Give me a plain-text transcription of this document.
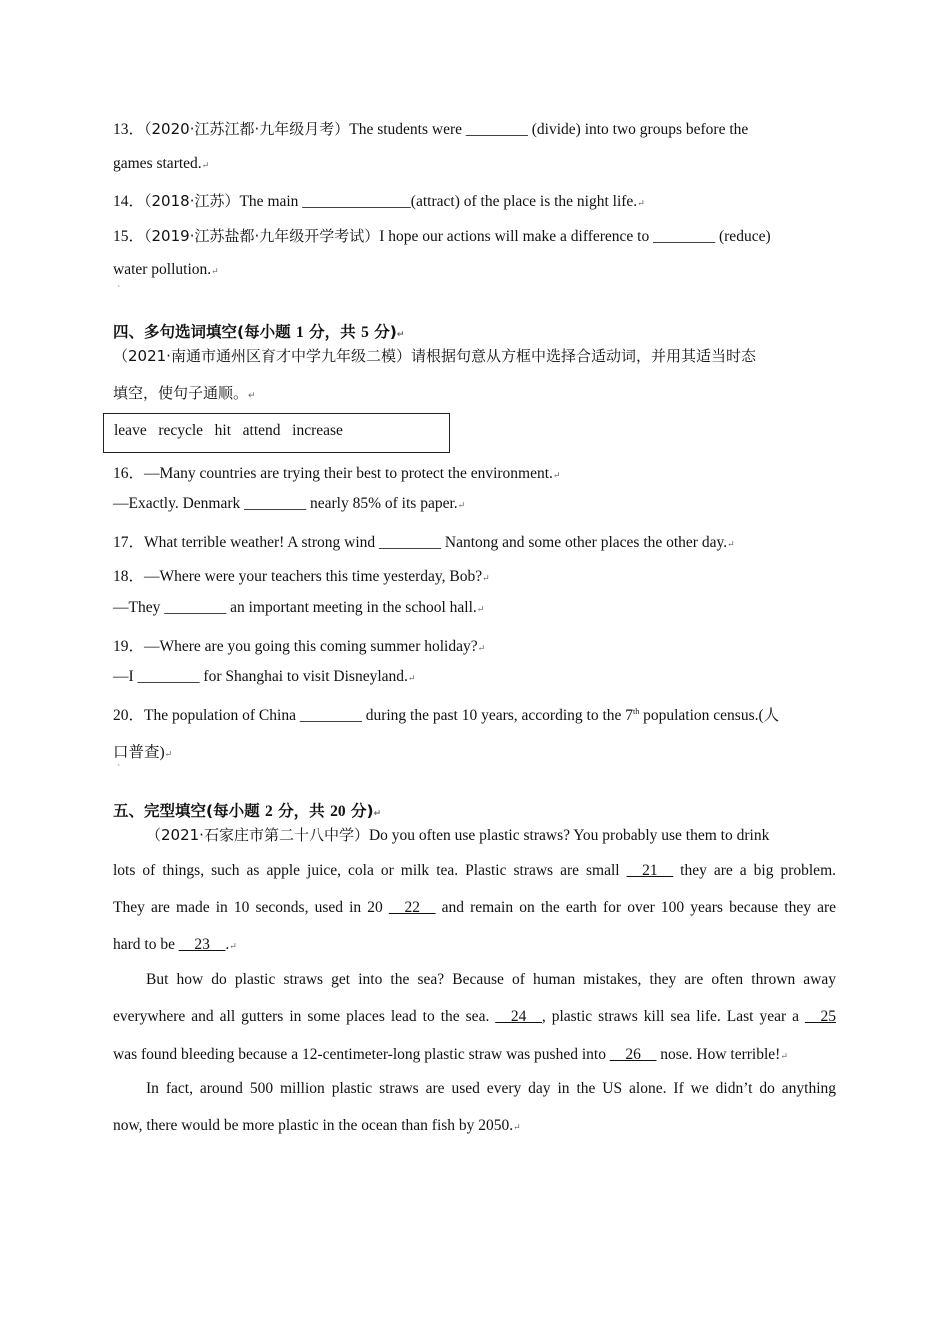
13．（2020·江苏江都·九年级月考）The students were ________ (divide) into two groups before the
games started.↵
14．（2018·江苏）The main ______________(attract) of the place is the night life.↵
15．（2019·江苏盐都·九年级开学考试）I hope our actions will make a difference to ________ (reduce)
water pollution.↵
ˋ
四、多句选词填空(每小题 1 分，共 5 分)↵
（2021·南通市通州区育才中学九年级二模）请根据句意从方框中选择合适动词，并用其适当时态
填空，使句子通顺。↵
leave   recycle   hit   attend   increase
16．—Many countries are trying their best to protect the environment.↵
—Exactly. Denmark ________ nearly 85% of its paper.↵
17．What terrible weather! A strong wind ________ Nantong and some other places the other day.↵
18．—Where were your teachers this time yesterday, Bob?↵
—They ________ an important meeting in the school hall.↵
19．—Where are you going this coming summer holiday?↵
—I ________ for Shanghai to visit Disneyland.↵
20．The population of China ________ during the past 10 years, according to the 7th population census.(人
口普查)↵
ˋ
五、完型填空(每小题 2 分，共 20 分)↵
（2021·石家庄市第二十八中学）Do you often use plastic straws? You probably use them to drink
lots of things, such as apple juice, cola or milk tea. Plastic straws are small __21__ they are a big problem.
They are made in 10 seconds, used in 20 __22__ and remain on the earth for over 100 years because they are
hard to be __23__.↵
But how do plastic straws get into the sea? Because of human mistakes, they are often thrown away
everywhere and all gutters in some places lead to the sea. __24__, plastic straws kill sea life. Last year a __25
was found bleeding because a 12-centimeter-long plastic straw was pushed into __26__ nose. How terrible!↵
In fact, around 500 million plastic straws are used every day in the US alone. If we didn’t do anything
now, there would be more plastic in the ocean than fish by 2050.↵
